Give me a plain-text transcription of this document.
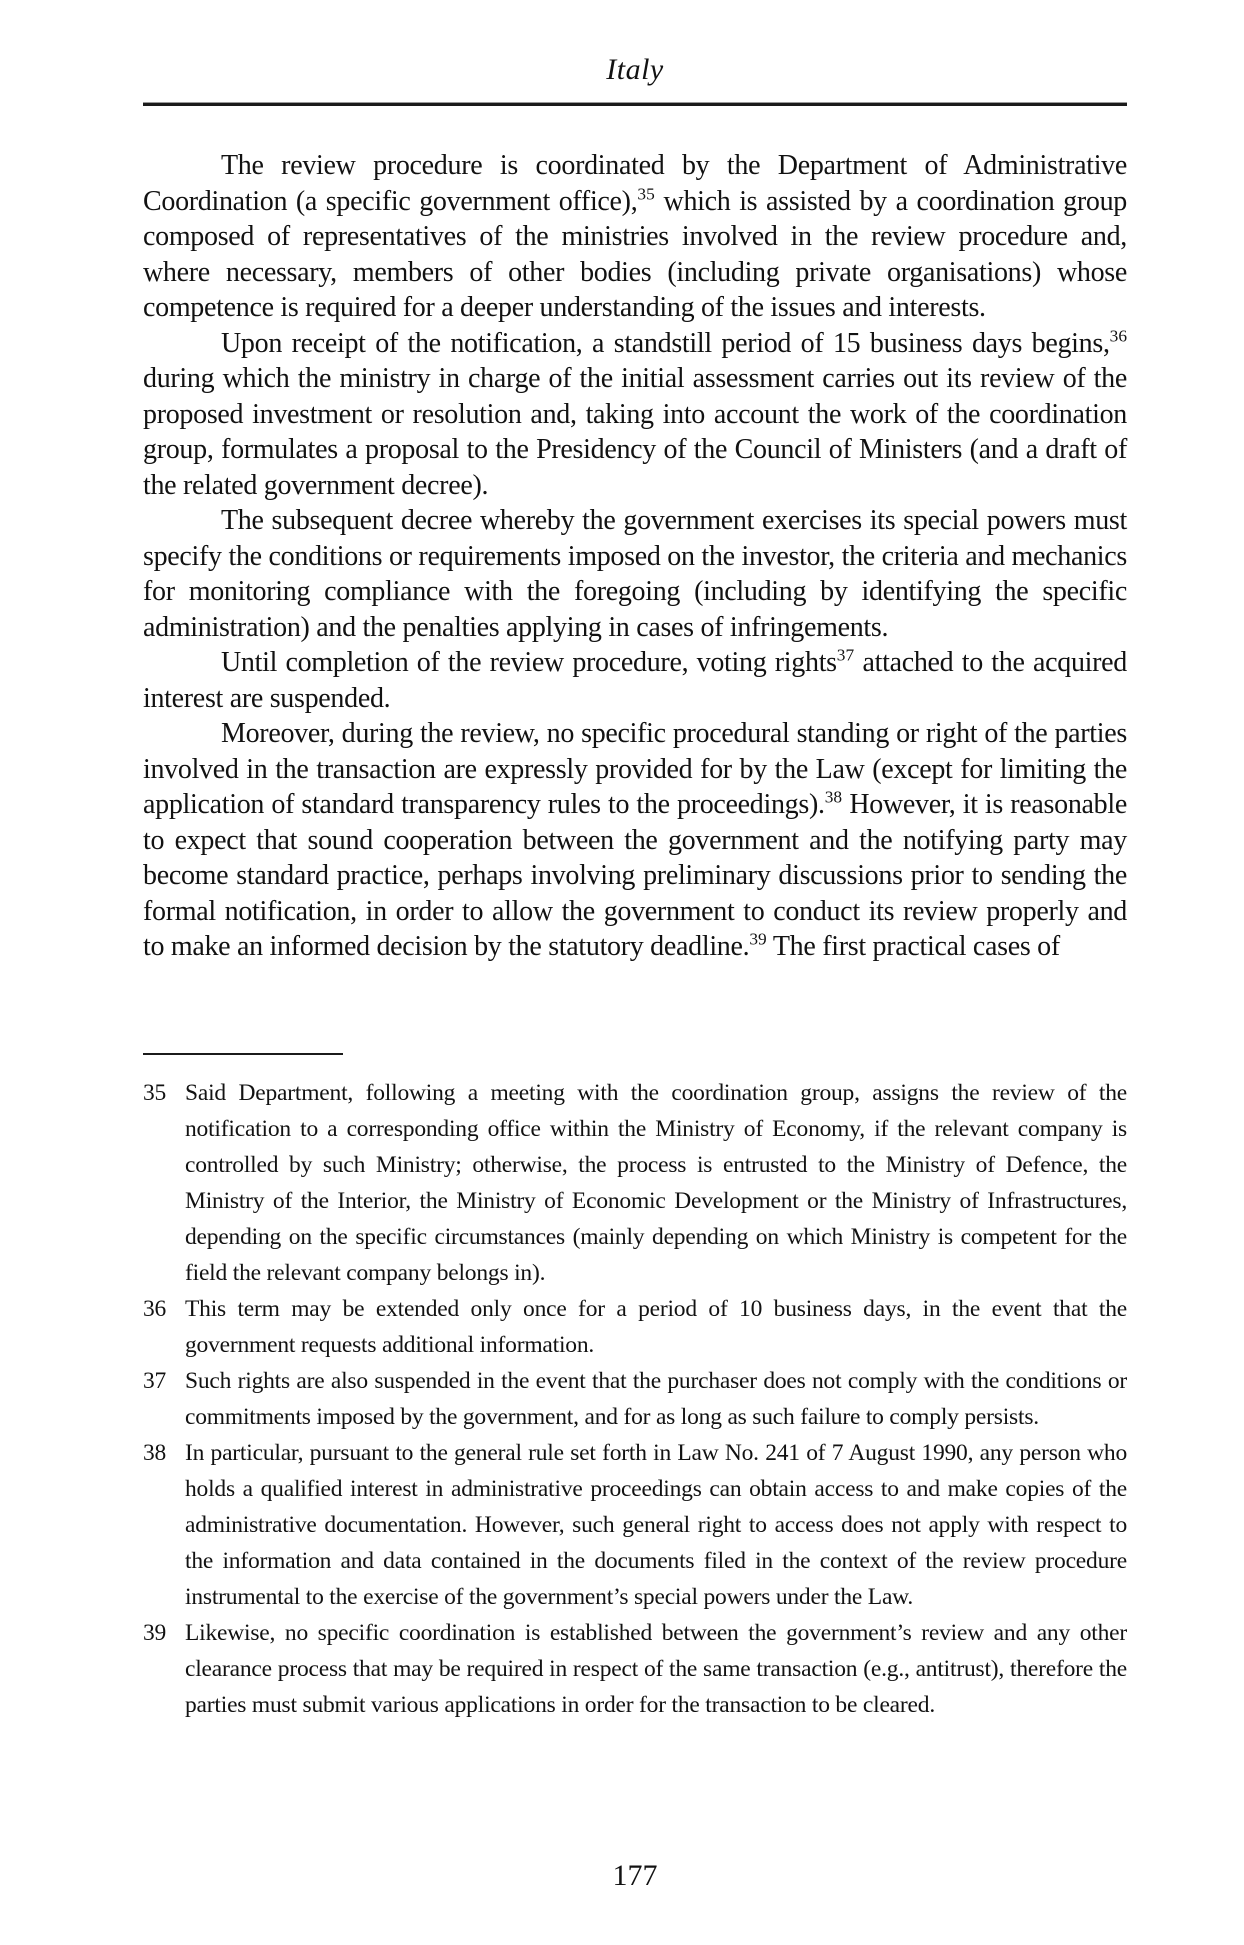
Italy

The review procedure is coordinated by the Department of Administrative Coordination (a specific government office),$^{35}$ which is assisted by a coordination group composed of representatives of the ministries involved in the review procedure and, where necessary, members of other bodies (including private organisations) whose competence is required for a deeper understanding of the issues and interests.

Upon receipt of the notification, a standstill period of 15 business days begins,$^{36}$ during which the ministry in charge of the initial assessment carries out its review of the proposed investment or resolution and, taking into account the work of the coordination group, formulates a proposal to the Presidency of the Council of Ministers (and a draft of the related government decree).

The subsequent decree whereby the government exercises its special powers must specify the conditions or requirements imposed on the investor, the criteria and mechanics for monitoring compliance with the foregoing (including by identifying the specific administration) and the penalties applying in cases of infringements.

Until completion of the review procedure, voting rights$^{37}$ attached to the acquired interest are suspended.

Moreover, during the review, no specific procedural standing or right of the parties involved in the transaction are expressly provided for by the Law (except for limiting the application of standard transparency rules to the proceedings).$^{38}$ However, it is reasonable to expect that sound cooperation between the government and the notifying party may become standard practice, perhaps involving preliminary discussions prior to sending the formal notification, in order to allow the government to conduct its review properly and to make an informed decision by the statutory deadline.$^{39}$ The first practical cases of

35 Said Department, following a meeting with the coordination group, assigns the review of the notification to a corresponding office within the Ministry of Economy, if the relevant company is controlled by such Ministry; otherwise, the process is entrusted to the Ministry of Defence, the Ministry of the Interior, the Ministry of Economic Development or the Ministry of Infrastructures, depending on the specific circumstances (mainly depending on which Ministry is competent for the field the relevant company belongs in).
36 This term may be extended only once for a period of 10 business days, in the event that the government requests additional information.
37 Such rights are also suspended in the event that the purchaser does not comply with the conditions or commitments imposed by the government, and for as long as such failure to comply persists.
38 In particular, pursuant to the general rule set forth in Law No. 241 of 7 August 1990, any person who holds a qualified interest in administrative proceedings can obtain access to and make copies of the administrative documentation. However, such general right to access does not apply with respect to the information and data contained in the documents filed in the context of the review procedure instrumental to the exercise of the government’s special powers under the Law.
39 Likewise, no specific coordination is established between the government’s review and any other clearance process that may be required in respect of the same transaction (e.g., antitrust), therefore the parties must submit various applications in order for the transaction to be cleared.
177
